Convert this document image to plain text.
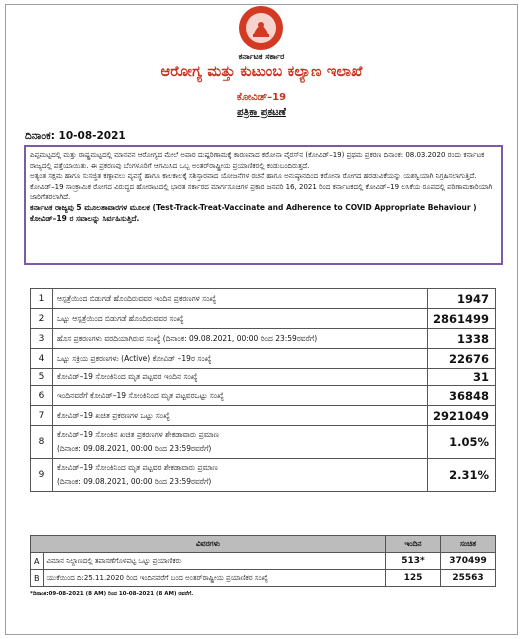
ಕರ್ನಾಟಕ ಸರ್ಕಾರ
ಆರೋಗ್ಯ ಮತ್ತು ಕುಟುಂಬ ಕಲ್ಯಾಣ ಇಲಾಖೆ
ಕೋವಿಡ್–19
ಪತ್ರಿಕಾ ಪ್ರಕಟಣೆ
ದಿನಾಂಕ: 10-08-2021

ಪಿಪ್ಪಮಟ್ಟದಲ್ಲಿ ಮತ್ತು ರಾಷ್ಟ್ರಮಟ್ಟದಲ್ಲಿ ಮಾನವನ ಆರೋಗ್ಯದ ಮೇಲೆ ಅಪಾರ ದುಷ್ಪರಿಣಾಮಕ್ಕೆ ಕಾರಣವಾದ ಕರೋನಾ ವೈರಸ್‌ನ (ಕೋವಿಡ್–19) ಪ್ರಥಮ ಪ್ರಕರಣ ದಿನಾಂಕ: 08.03.2020 ರಂದು ಕರ್ನಾಟಕ ರಾಜ್ಯದಲ್ಲಿ ಪತ್ತೆಯಾಯಿತು. ಈ ಪ್ರಕರಣವು ಬೆಂಗಳೂರಿಗೆ ಆಗಮಿಸಿದ ಒಬ್ಬ ಅಂತರ್‌ರಾಷ್ಟ್ರೀಯ ಪ್ರಯಾಣಿಕರಲ್ಲಿ ಕಂಡುಬಂದಿರುತ್ತದೆ.

ಅತ್ಯಂತ ಸಕ್ಷಮ ಹಾಗೂ ಸುಸಜ್ಜಿತ ಕಣ್ಗಾವಲು ವ್ಯವಸ್ಥೆ ಹಾಗೂ ಕಾಲಕಾಲಕ್ಕೆ ಸಶಿಸ್ತಾರವಾದ ಯೋಜನೆಗಳ ರಚನೆ ಹಾಗೂ ಅನುಷ್ಠಾನದಿಂದ ಕರೋನಾ ರೋಗದ ಹರಡುವಿಕೆಯನ್ನು ಯಶಸ್ವಿಯಾಗಿ ನಿಗ್ರಹಿಸಲಾಗುತ್ತಿದೆ.

ಕೋವಿಡ್–19 ಸಾಂಕ್ರಾಮಿಕ ರೋಗದ ವಿರುದ್ಧದ ಹೋರಾಟದಲ್ಲಿ ಭಾರತ ಸರ್ಕಾರದ ಮಾರ್ಗಸೂಚಿಗಳ ಪ್ರಕಾರ ಜನವರಿ 16, 2021 ರಿಂದ ಕರ್ನಾಟಕದಲ್ಲಿ ಕೋವಿಡ್–19 ಲಸಿಕೆಯ ರೂಪದಲ್ಲಿ ಪರಿಣಾಮಕಾರಿಯಾಗಿ ಜಾರಿಗೆತರಲಾಗಿದೆ.

ಕರ್ನಾಟಕ ರಾಜ್ಯವು 5 ಮೂಲತಾವಾರಗಳ ಮೂಲಕ (Test-Track-Treat-Vaccinate and Adherence to COVID Appropriate Behaviour ) ಕೋವಿಡ್–19 ರ ಸವಾಲನ್ನು ಸಿರ್ವಹಿಸುತ್ತಿದೆ.

1	ಆಸ್ಪತ್ರೆಯಿಂದ ಬಿಡುಗಡೆ ಹೊಂದಿರುವವರ ಇಂದಿನ ಪ್ರಕರಣಗಳ ಸಂಖ್ಯೆ	1947
2	ಒಟ್ಟು ಆಸ್ಪತ್ರೆಯಿಂದ ಬಿಡುಗಡೆ ಹೊಂದಿರುವವರ ಸಂಖ್ಯೆ	2861499
3	ಹೊಸ ಪ್ರಕರಣಗಳು ವರದಿಯಾಗಿರುವ ಸಂಖ್ಯೆ (ದಿನಾಂಕ: 09.08.2021, 00:00 ರಿಂದ 23:59ರವರೆಗೆ)	1338
4	ಒಟ್ಟು ಸಕ್ರಿಯ ಪ್ರಕರಣಗಳು (Active) ಕೋವಿಡ್ –19ರ ಸಂಖ್ಯೆ	22676
5	ಕೋವಿಡ್–19 ಸೋಂಕಿನಿಂದ ಮೃತ ಪಟ್ಟವರ ಇಂದಿನ ಸಂಖ್ಯೆ	31
6	ಇಂದಿನವರೆಗೆ ಕೋವಿಡ್–19 ಸೋಂಕಿನಿಂದ ಮೃತ ಪಟ್ಟವರಒಟ್ಟು ಸಂಖ್ಯೆ	36848
7	ಕೋವಿಡ್–19 ಖಚಿತ ಪ್ರಕರಣಗಳ ಒಟ್ಟು ಸಂಖ್ಯೆ	2921049
8	ಕೋವಿಡ್–19 ಸೋಂಕಿನ ಖಚಿತ ಪ್ರಕರಣಗಳ ಶೇಕಡಾವಾರು ಪ್ರಮಾಣ
(ದಿನಾಂಕ: 09.08.2021, 00:00 ರಿಂದ 23:59ರವರೆಗೆ)	1.05%
9	ಕೋವಿಡ್–19 ಸೋಂಕಿನಿಂದ ಮೃತ ಪಟ್ಟವರ ಶೇಕಡಾವಾರು ಪ್ರಮಾಣ
(ದಿನಾಂಕ: 09.08.2021, 00:00 ರಿಂದ 23:59ರವರೆಗೆ)	2.31%
ವಿವರಗಳು		ಇಂದಿನ	ಸಂಚಿತ
A	ವಿಮಾನ ನಿಲ್ದಾಣದಲ್ಲಿ ತಪಾಸಣೆಗೊಳಪಟ್ಟ ಒಟ್ಟು ಪ್ರಯಾಣಿಕರು	513*	370499
B	ಯುಕೆಯಿಂದ ದಿ:25.11.2020 ರಿಂದ ಇಂದಿನವರೆಗೆ ಬಂದ ಅಂತರ್‌ರಾಷ್ಟ್ರೀಯ ಪ್ರಯಾಣಿಕರ ಸಂಖ್ಯೆ	125	25563
*ದಿನಾಂಕ:09-08-2021 (8 AM) ರಿಂದ 10-08-2021 (8 AM) ರವರೆಗೆ.
